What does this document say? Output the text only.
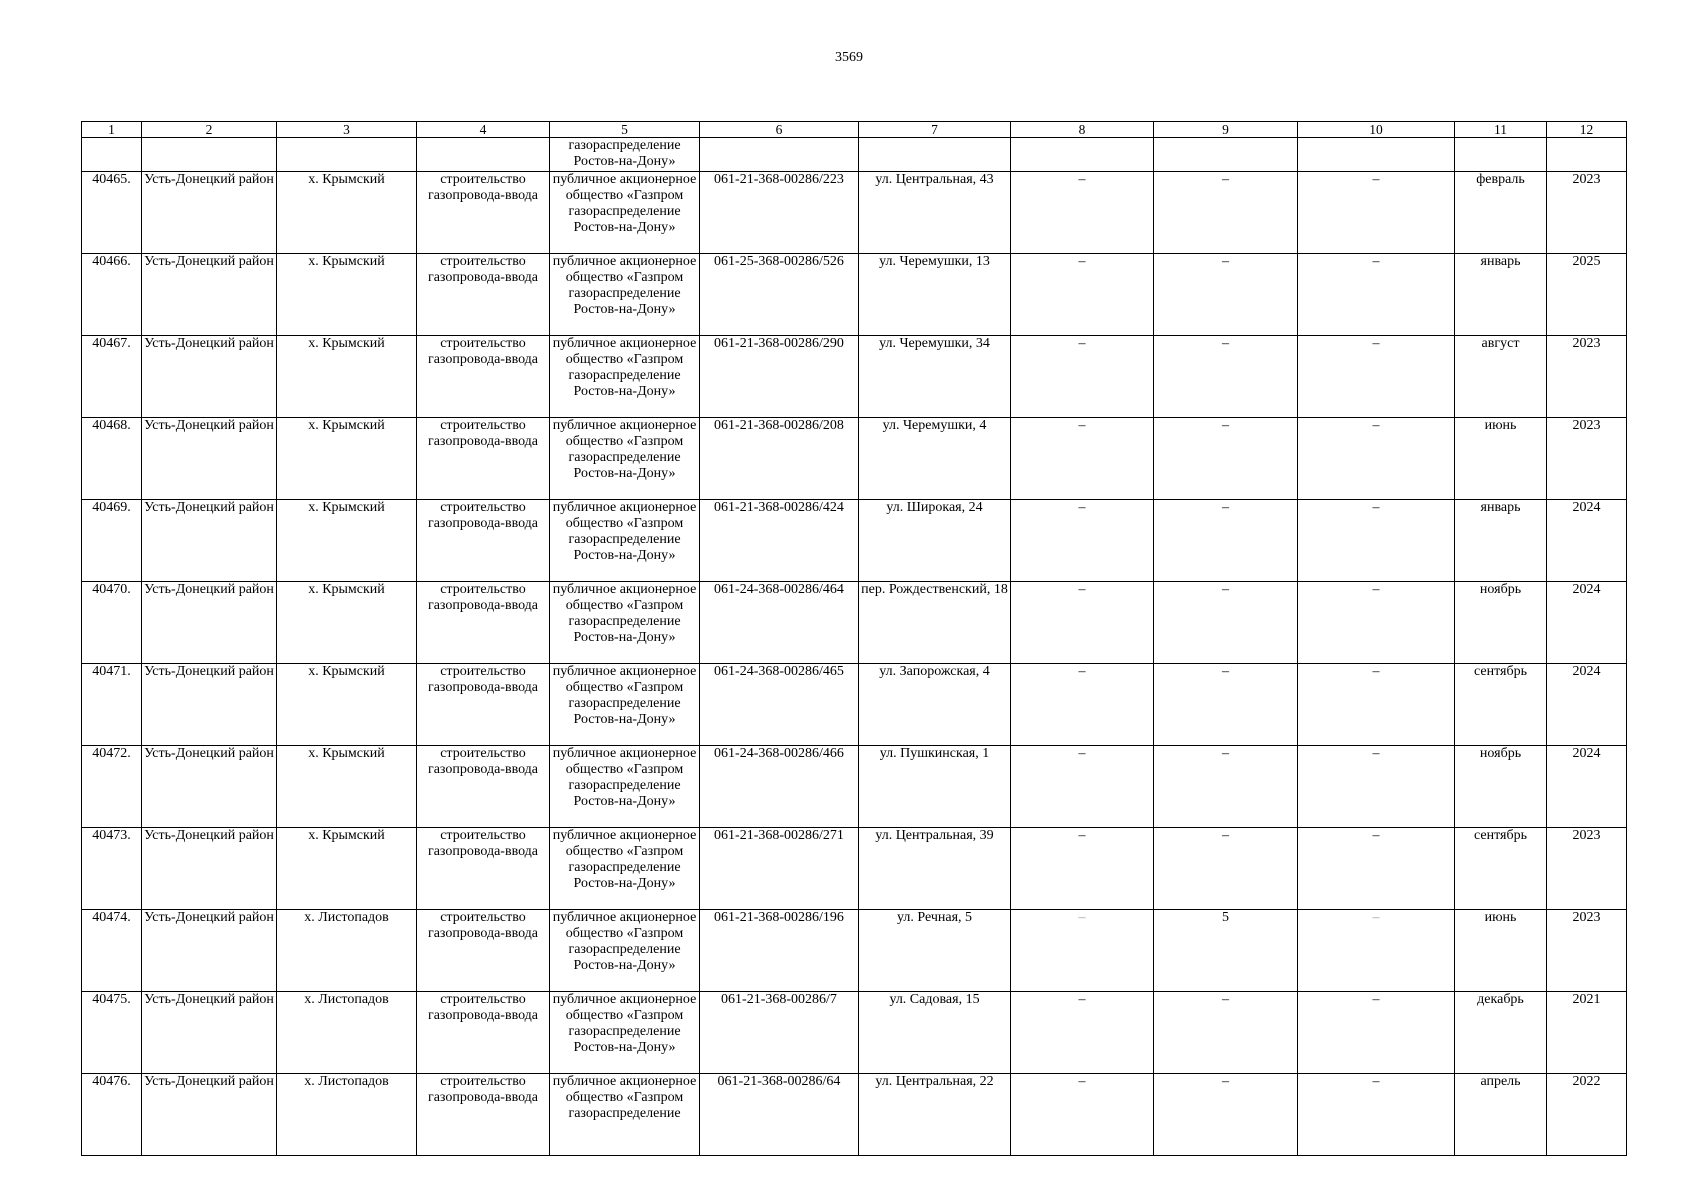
3569
1	2	3	4	5	6	7	8	9	10	11	12
				газораспределение Ростов-на-Дону»							
40465.	Усть-Донецкий район	х. Крымский	строительство газопровода-ввода	публичное акционерное общество «Газпром газораспределение Ростов-на-Дону»	061-21-368-00286/223	ул. Центральная, 43	–	–	–	февраль	2023
40466.	Усть-Донецкий район	х. Крымский	строительство газопровода-ввода	публичное акционерное общество «Газпром газораспределение Ростов-на-Дону»	061-25-368-00286/526	ул. Черемушки, 13	–	–	–	январь	2025
40467.	Усть-Донецкий район	х. Крымский	строительство газопровода-ввода	публичное акционерное общество «Газпром газораспределение Ростов-на-Дону»	061-21-368-00286/290	ул. Черемушки, 34	–	–	–	август	2023
40468.	Усть-Донецкий район	х. Крымский	строительство газопровода-ввода	публичное акционерное общество «Газпром газораспределение Ростов-на-Дону»	061-21-368-00286/208	ул. Черемушки, 4	–	–	–	июнь	2023
40469.	Усть-Донецкий район	х. Крымский	строительство газопровода-ввода	публичное акционерное общество «Газпром газораспределение Ростов-на-Дону»	061-21-368-00286/424	ул. Широкая, 24	–	–	–	январь	2024
40470.	Усть-Донецкий район	х. Крымский	строительство газопровода-ввода	публичное акционерное общество «Газпром газораспределение Ростов-на-Дону»	061-24-368-00286/464	пер. Рождественский, 18	–	–	–	ноябрь	2024
40471.	Усть-Донецкий район	х. Крымский	строительство газопровода-ввода	публичное акционерное общество «Газпром газораспределение Ростов-на-Дону»	061-24-368-00286/465	ул. Запорожская, 4	–	–	–	сентябрь	2024
40472.	Усть-Донецкий район	х. Крымский	строительство газопровода-ввода	публичное акционерное общество «Газпром газораспределение Ростов-на-Дону»	061-24-368-00286/466	ул. Пушкинская, 1	–	–	–	ноябрь	2024
40473.	Усть-Донецкий район	х. Крымский	строительство газопровода-ввода	публичное акционерное общество «Газпром газораспределение Ростов-на-Дону»	061-21-368-00286/271	ул. Центральная, 39	–	–	–	сентябрь	2023
40474.	Усть-Донецкий район	х. Листопадов	строительство газопровода-ввода	публичное акционерное общество «Газпром газораспределение Ростов-на-Дону»	061-21-368-00286/196	ул. Речная, 5	–	5	–	июнь	2023
40475.	Усть-Донецкий район	х. Листопадов	строительство газопровода-ввода	публичное акционерное общество «Газпром газораспределение Ростов-на-Дону»	061-21-368-00286/7	ул. Садовая, 15	–	–	–	декабрь	2021
40476.	Усть-Донецкий район	х. Листопадов	строительство газопровода-ввода	публичное акционерное общество «Газпром газораспределение	061-21-368-00286/64	ул. Центральная, 22	–	–	–	апрель	2022
